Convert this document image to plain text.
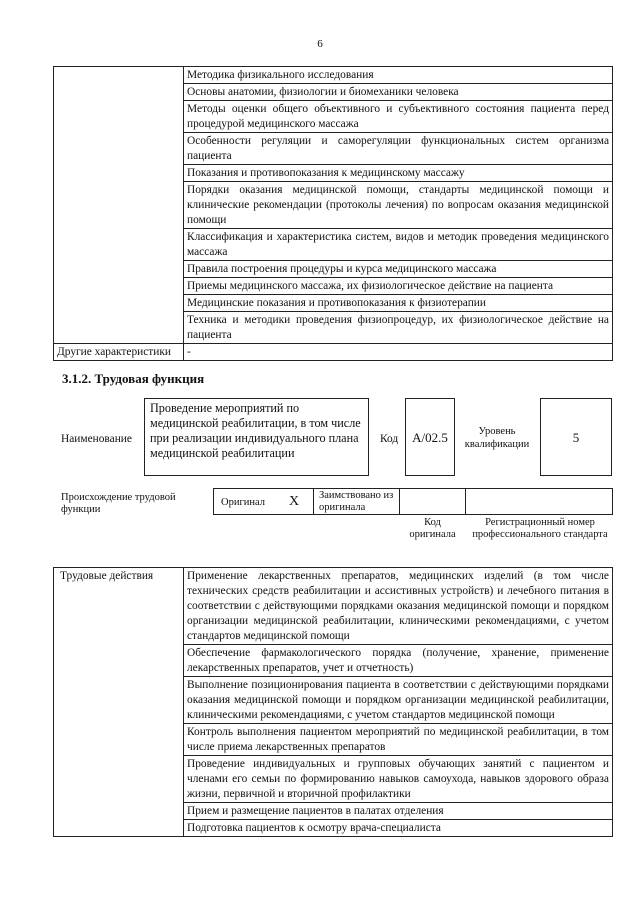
6
	Методика физикального исследования
	Основы анатомии, физиологии и биомеханики человека
	Методы оценки общего объективного и субъективного состояния пациента перед процедурой медицинского массажа
	Особенности регуляции и саморегуляции функциональных систем организма пациента
	Показания и противопоказания к медицинскому массажу
	Порядки оказания медицинской помощи, стандарты медицинской помощи и клинические рекомендации (протоколы лечения) по вопросам оказания медицинской помощи
	Классификация и характеристика систем, видов и методик проведения медицинского массажа
	Правила построения процедуры и курса медицинского массажа
	Приемы медицинского массажа, их физиологическое действие на пациента
	Медицинские показания и противопоказания к физиотерапии
	Техника и методики проведения физиопроцедур, их физиологическое действие на пациента
Другие характеристики	-
3.1.2. Трудовая функция
Наименование
Проведение мероприятий по медицинской реабилитации, в том числе при реализации индивидуального плана медицинской реабилитации
Код	A/02.5	Уровень квалификации	5
Происхождение трудовой функции
Оригинал X Заимствовано из оригинала
Код оригинала
Регистрационный номер профессионального стандарта
Трудовые действия	Применение лекарственных препаратов, медицинских изделий (в том числе технических средств реабилитации и ассистивных устройств) и лечебного питания в соответствии с действующими порядками оказания медицинской помощи и порядком организации медицинской реабилитации, клиническими рекомендациями, с учетом стандартов медицинской помощи
Обеспечение фармакологического порядка (получение, хранение, применение лекарственных препаратов, учет и отчетность)
Выполнение позиционирования пациента в соответствии с действующими порядками оказания медицинской помощи и порядком организации медицинской реабилитации, клиническими рекомендациями, с учетом стандартов медицинской помощи
Контроль выполнения пациентом мероприятий по медицинской реабилитации, в том числе приема лекарственных препаратов
Проведение индивидуальных и групповых обучающих занятий с пациентом и членами его семьи по формированию навыков самоухода, навыков здорового образа жизни, первичной и вторичной профилактики
Прием и размещение пациентов в палатах отделения
Подготовка пациентов к осмотру врача-специалиста
